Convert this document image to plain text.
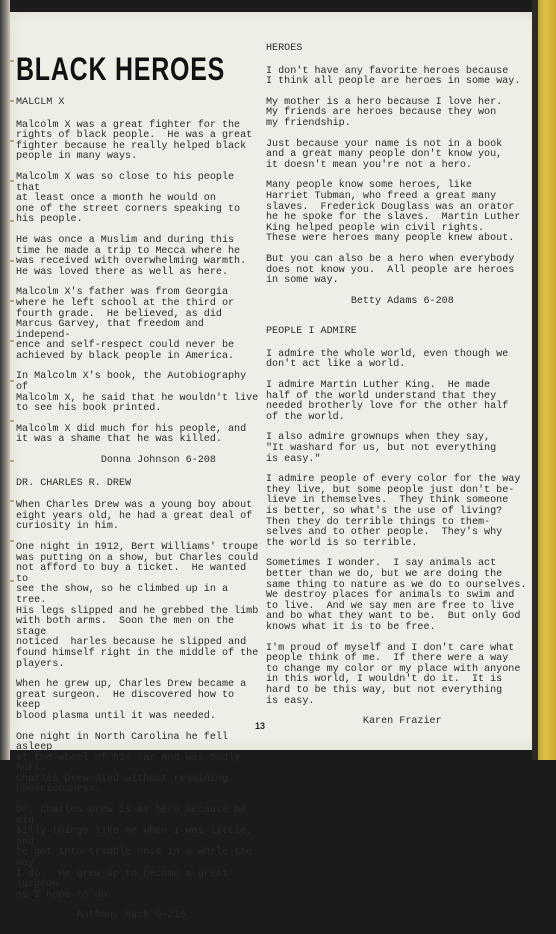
BLACK HEROES
MALCLM X
Malcolm X was a great fighter for the
rights of black people.  He was a great
fighter because he really helped black
people in many ways.
Malcolm X was so close to his people that
at least once a month he would on
one of the street corners speaking to
his people.
He was once a Muslim and during this
time he made a trip to Mecca where he
was received with overwhelming warmth.
He was loved there as well as here.
Malcolm X's father was from Georgia
where he left school at the third or
fourth grade.  He believed, as did
Marcus Garvey, that freedom and independ-
ence and self-respect could never be
achieved by black people in America.
In Malcolm X's book, the Autobiography of
Malcolm X, he said that he wouldn't live
to see his book printed.
Malcolm X did much for his people, and
it was a shame that he was killed.
Donna Johnson 6-208
DR. CHARLES R. DREW
When Charles Drew was a young boy about
eight years old, he had a great deal of
curiosity in him.
One night in 1912, Bert Williams' troupe
was putting on a show, but Charles could
not afford to buy a ticket.  He wanted to
see the show, so he climbed up in a tree.
His legs slipped and he grebbed the limb
with both arms.  Soon the men on the stage
noticed  harles because he slipped and
found himself right in the middle of the
players.
When he grew up, Charles Drew became a
great surgeon.  He discovered how to keep
blood plasma until it was needed.
One night in North Carolina he fell asleep
at the wheel of his car and was badly hurt.
Charles Drew died without regaining
consciousness.
Dr. Charles Drew is my hero because he did
silly things like me when I was little, and
he got into trouble once in a while the way
I do.  He grew up to become a great surgeon
as I hope to do.
Anthony Mack 6-216
HEROES
I don't have any favorite heroes because
I think all people are heroes in some way.
My mother is a hero because I love her.
My friends are heroes because they won
my friendship.
Just because your name is not in a book
and a great many people don't know you,
it doesn't mean you're not a hero.
Many people know some heroes, like
Harriet Tubman, who freed a great many
slaves.  Frederick Douglass was an orator
he he spoke for the slaves.  Martin Luther
King helped people win civil rights.
These were heroes many people knew about.
But you can also be a hero when everybody
does not know you.  All people are heroes
in some way.
Betty Adams 6-208
PEOPLE I ADMIRE
I admire the whole world, even though we
don't act like a world.
I admire Martin Luther King.  He made
half of the world understand that they
needed brotherly love for the other half
of the world.
I also admire grownups when they say,
"It washard for us, but not everything
is easy."
I admire people of every color for the way
they live, but some people just don't be-
lieve in themselves.  They think someone
is better, so what's the use of living?
Then they do terrible things to them-
selves and to other people.  They's why
the world is so terrible.
Sometimes I wonder.  I say animals act
better than we do, but we are doing the
same thing to nature as we do to ourselves.
We destroy places for animals to swim and
to live.  And we say men are free to live
and bo what they want to be.  But only God
knows what it is to be free.
I'm proud of myself and I don't care what
people think of me.  If there were a way
to change my color or my place with anyone
in this world, I wouldn't do it.  It is
hard to be this way, but not everything
is easy.
Karen Frazier
13
